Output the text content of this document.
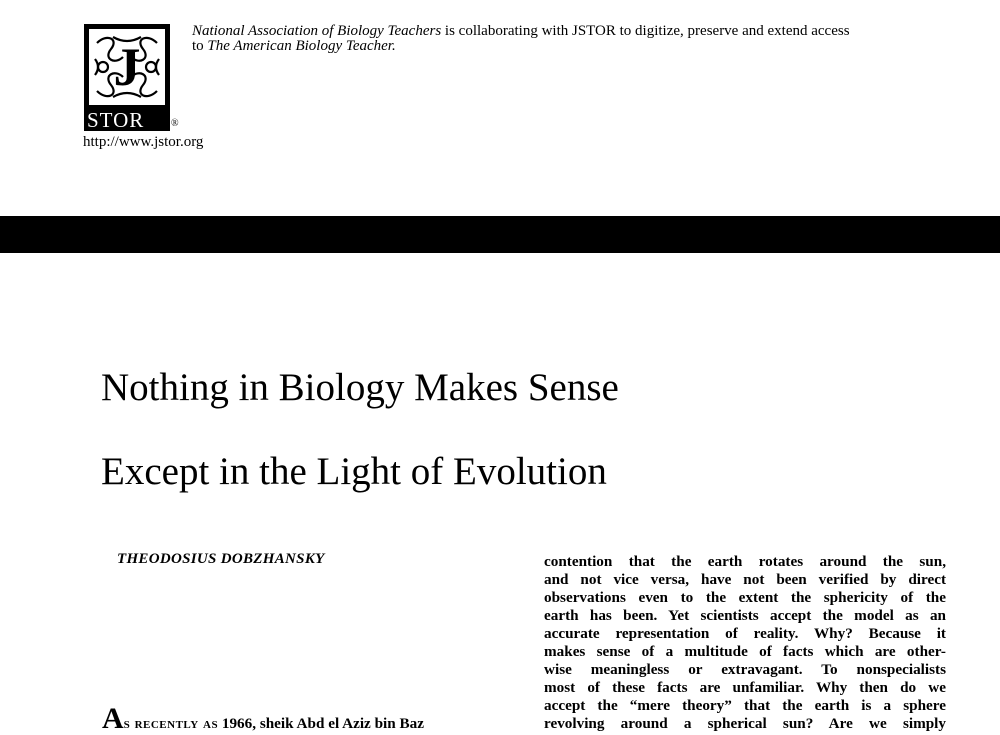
J
STOR	®
http://www.jstor.org
National Association of Biology Teachers is collaborating with JSTOR to digitize, preserve and extend access
to The American Biology Teacher.
Nothing in Biology Makes Sense
Except in the Light of Evolution
THEODOSIUS DOBZHANSKY	contention that the earth rotates around the sun,
and not vice versa, have not been verified by direct
observations even to the extent the sphericity of the
earth has been. Yet scientists accept the model as an
accurate representation of reality. Why? Because it
makes sense of a multitude of facts which are other-
wise meaningless or extravagant. To nonspecialists
most of these facts are unfamiliar. Why then do we
accept the “mere theory” that the earth is a sphere
revolving around a spherical sun? Are we simply
As recently as 1966, sheik Abd el Aziz bin Baz
